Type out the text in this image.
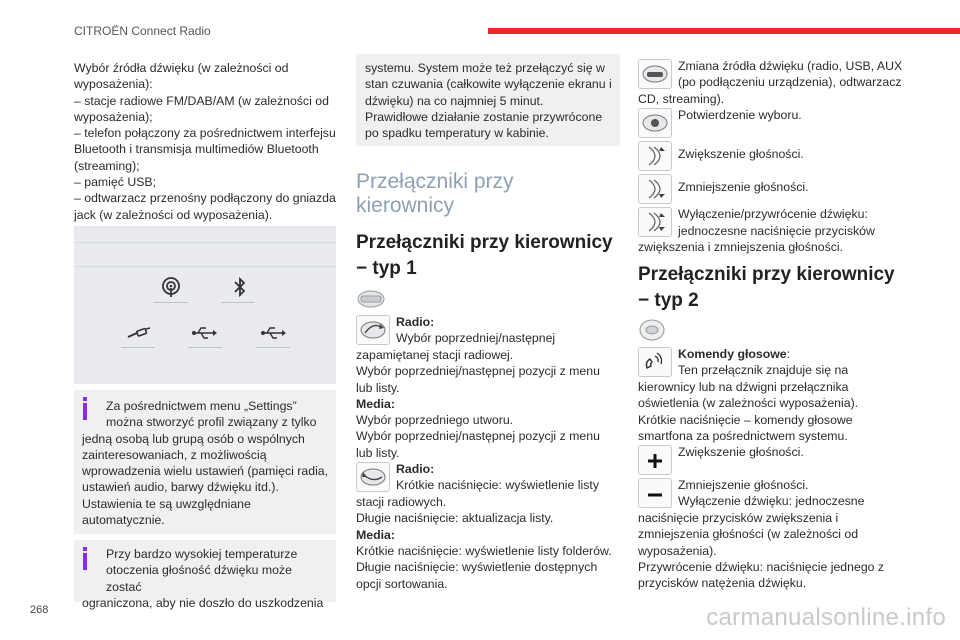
CITROËN Connect Radio

Wybór źródła dźwięku (w zależności od

wyposażenia):

– stacje radiowe FM/DAB/AM (w zależności od

wyposażenia);

– telefon połączony za pośrednictwem interfejsu

Bluetooth i transmisja multimediów Bluetooth

(streaming);

– pamięć USB;

– odtwarzacz przenośny podłączony do gniazda

jack (w zależności od wyposażenia).

Za pośrednictwem menu „Settings”
można stworzyć profil związany z tylko
jedną osobą lub grupą osób o wspólnych
zainteresowaniach, z możliwością
wprowadzenia wielu ustawień (pamięci radia,
ustawień audio, barwy dźwięku itd.).
Ustawienia te są uwzględniane
automatycznie.
Przy bardzo wysokiej temperaturze
otoczenia głośność dźwięku może zostać
ograniczona, aby nie doszło do uszkodzenia
systemu. System może też przełączyć się w
stan czuwania (całkowite wyłączenie ekranu i
dźwięku) na co najmniej 5 minut.
Prawidłowe działanie zostanie przywrócone
po spadku temperatury w kabinie.
Przełączniki przy
kierownicy
Przełączniki przy kierownicy
− typ 1
Radio:
Wybór poprzedniej/następnej
zapamiętanej stacji radiowej.
Wybór poprzedniej/następnej pozycji z menu
lub listy.
Media:
Wybór poprzedniego utworu.
Wybór poprzedniej/następnej pozycji z menu
lub listy.
Radio:
Krótkie naciśnięcie: wyświetlenie listy
stacji radiowych.
Długie naciśnięcie: aktualizacja listy.
Media:
Krótkie naciśnięcie: wyświetlenie listy folderów.
Długie naciśnięcie: wyświetlenie dostępnych
opcji sortowania.
Zmiana źródła dźwięku (radio, USB, AUX
(po podłączeniu urządzenia), odtwarzacz
CD, streaming).
Potwierdzenie wyboru.
Zwiększenie głośności.
Zmniejszenie głośności.
Wyłączenie/przywrócenie dźwięku:
jednoczesne naciśnięcie przycisków
zwiększenia i zmniejszenia głośności.
Przełączniki przy kierownicy
− typ 2
Komendy głosowe:
Ten przełącznik znajduje się na
kierownicy lub na dźwigni przełącznika
oświetlenia (w zależności wyposażenia).
Krótkie naciśnięcie – komendy głosowe
smartfona za pośrednictwem systemu.
Zwiększenie głośności.
Zmniejszenie głośności.
Wyłączenie dźwięku: jednoczesne
naciśnięcie przycisków zwiększenia i
zmniejszenia głośności (w zależności od
wyposażenia).
Przywrócenie dźwięku: naciśnięcie jednego z
przycisków natężenia dźwięku.
268	carmanualsonline.info
